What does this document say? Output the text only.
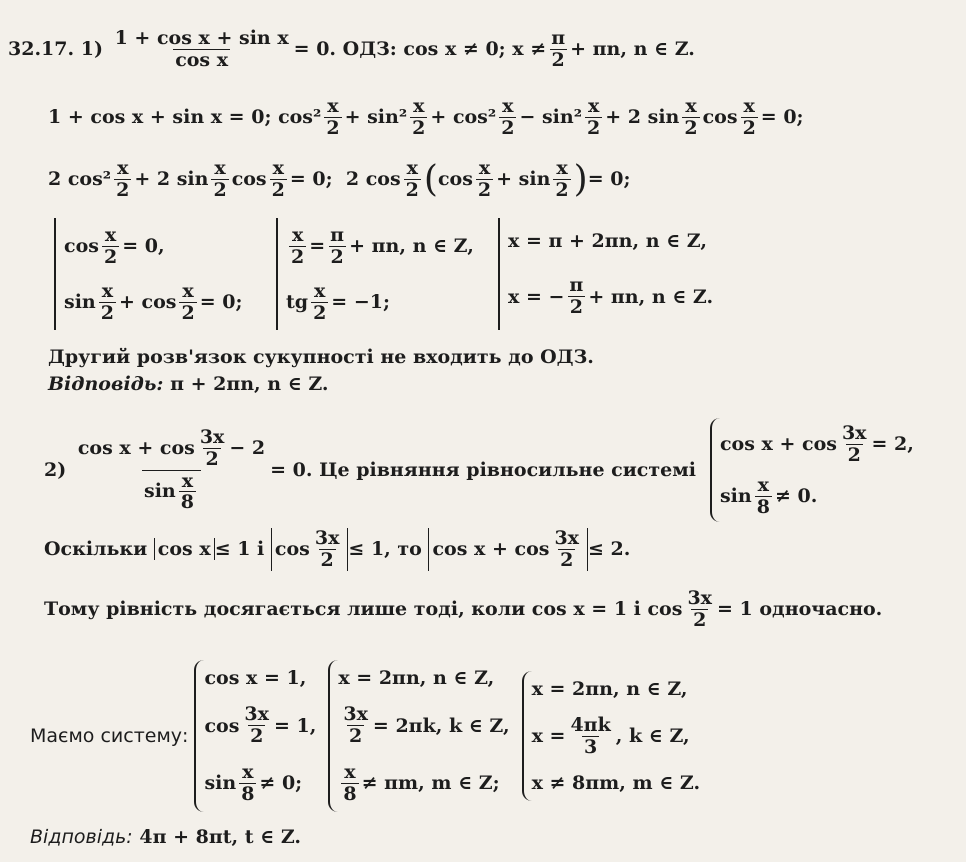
32.17.
1)
$\frac{\text{1 + cos x + sin x}}{\text{cos x}} = 0$. ОДЗ: cos x ≠ 0; $x \ne \frac{\pi}{2} + \pi n$, n ∈ Z.
1 + cos x + sin x = 0; $\cos^2 \frac{x}{2} + \sin^2 \frac{x}{2} + \cos^2 \frac{x}{2} - \sin^2 \frac{x}{2} + 2$ $\sin \frac{x}{2}$ $\cos \frac{x}{2} = 0$;
2 $\cos^2 \frac{x}{2} + 2$ $\sin \frac{x}{2}$ $\cos \frac{x}{2} = 0$;
2 $\cos \frac{x}{2}$ ( $\cos \frac{x}{2} + \sin \frac{x}{2}$ ) = 0;
$\cos \frac{x}{2} = 0$,
$\sin \frac{x}{2} + \cos \frac{x}{2} = 0$;
$\frac{x}{2} = \frac{\pi}{2} + \pi n$, n ∈ Z,
tg $\frac{x}{2} = -1$;
x = π + 2πn, n ∈ Z,
x = − $\frac{\pi}{2} + \pi n$, n ∈ Z.
Другий розв'язок сукупності не входить до ОДЗ.
Відповідь:
π + 2πn, n ∈ Z.
2)
$\frac{\cos x + \cos \frac{3x}{2} - 2}{\sin \frac{x}{8}} = 0$. Це рівняння рівносильне системі
$\cos x + \cos \frac{3x}{2} = 2$,
$\sin \frac{x}{8} \ne 0$.
Оскільки
cos x ≤ 1 і
$\cos \frac{3x}{2} \le 1$, то
$\cos x + \cos \frac{3x}{2} \le 2$.
Тому рівність досягається лише тоді, коли cos x = 1 і $\cos \frac{3x}{2} = 1$ одночасно.
Маємо систему:
cos x = 1,
$\cos \frac{3x}{2} = 1$,
$\sin \frac{x}{8} \ne 0$;
x = 2πn, n ∈ Z,
$\frac{3x}{2} = 2\pi k$, k ∈ Z,
$\frac{x}{8} \ne \pi m$, m ∈ Z;
x = 2πn, n ∈ Z,
$x = \frac{4\pi k}{3}$ , k ∈ Z,
x ≠ 8πm, m ∈ Z.
Відповідь:
4π + 8πt, t ∈ Z.
